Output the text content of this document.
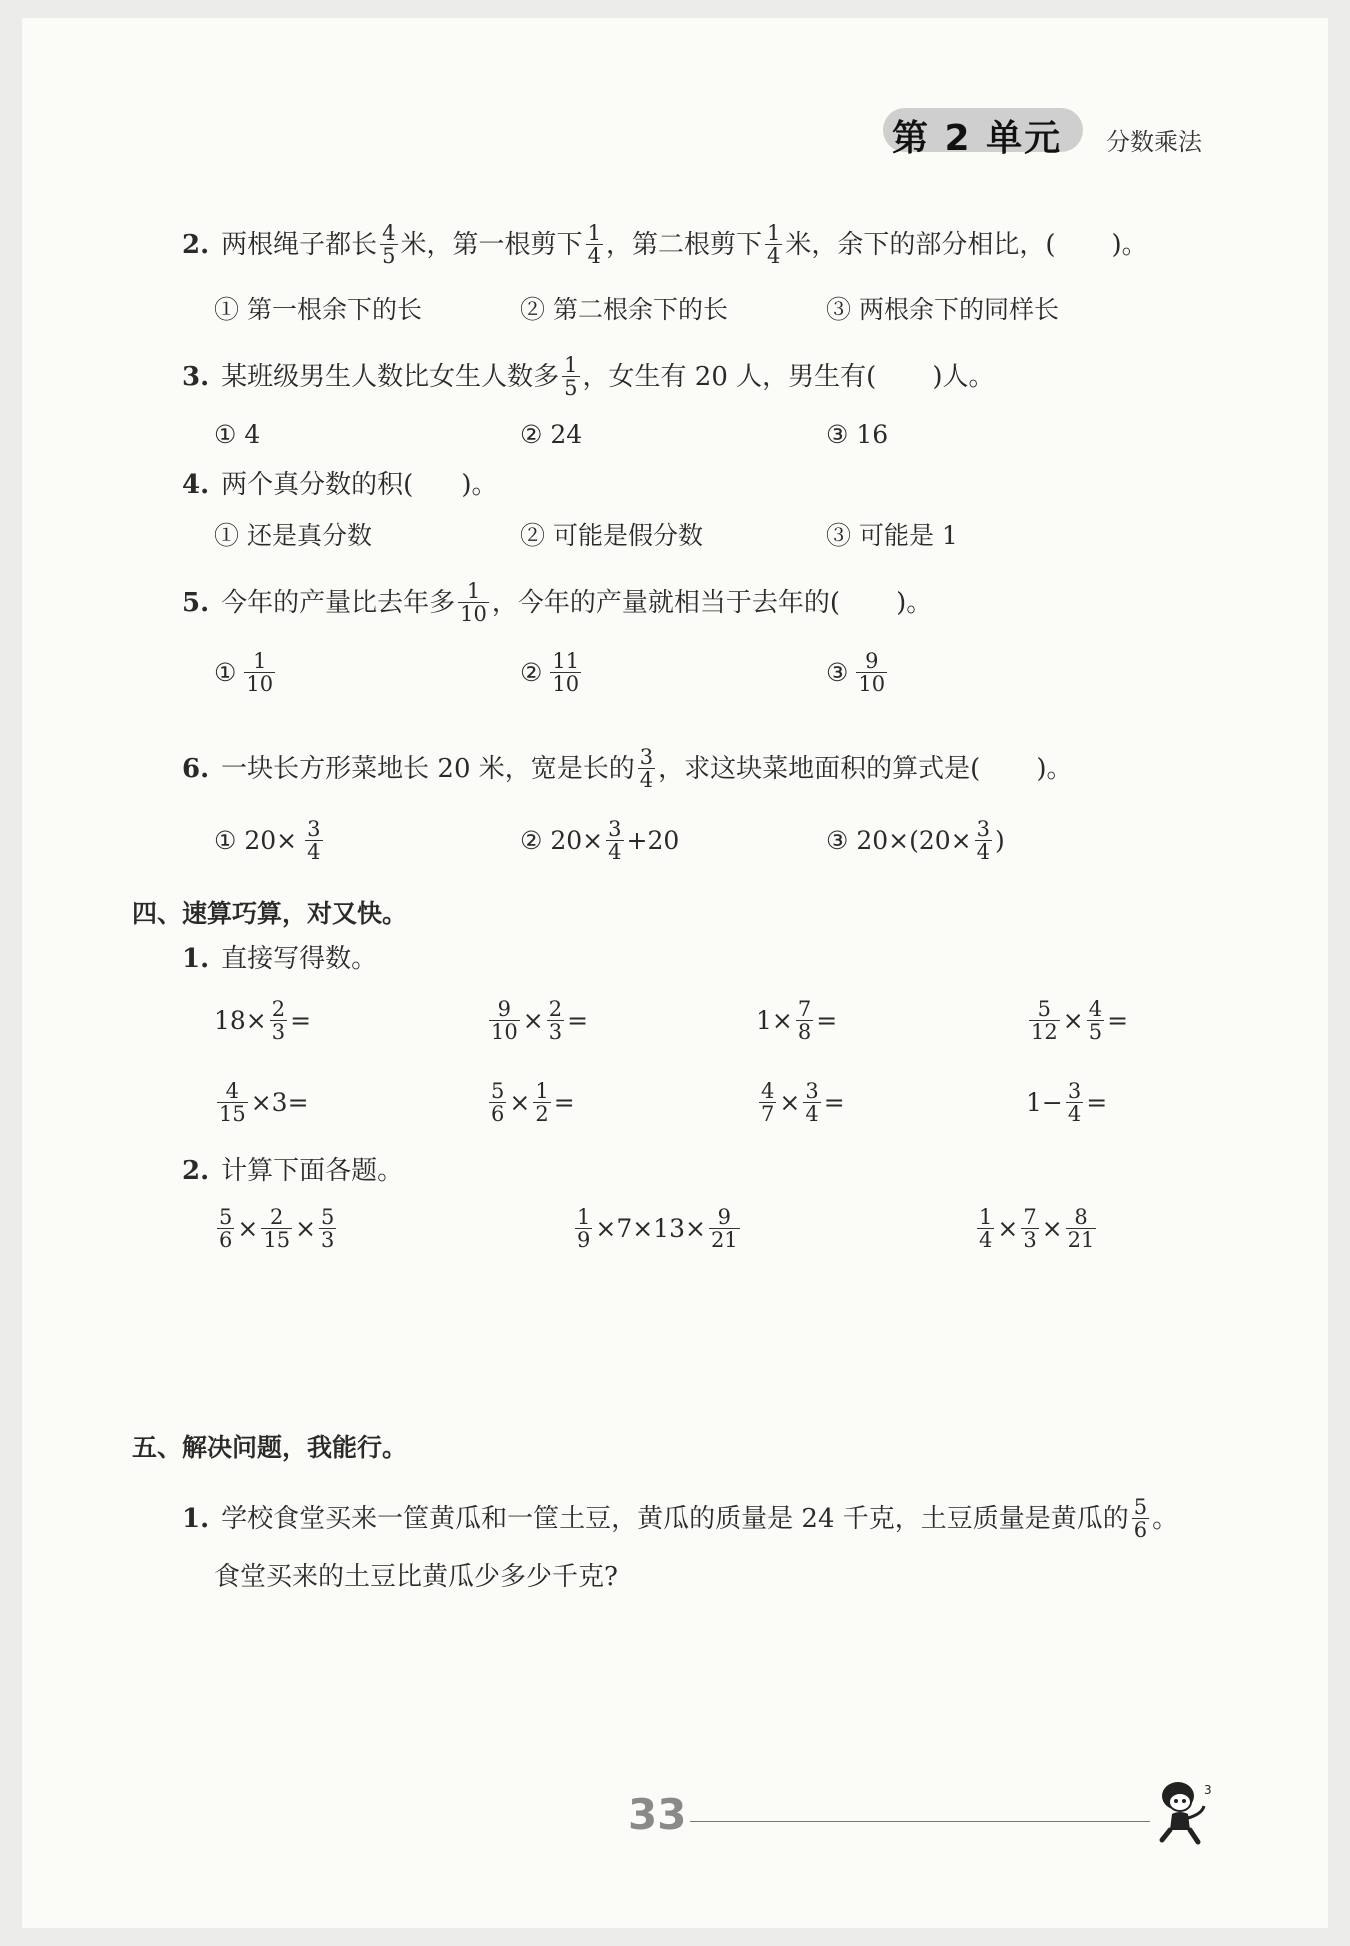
第 2 单元 分数乘法
2. 两根绳子都长 $\frac{4}{5}$ 米，第一根剪下 $\frac{1}{4}$ ，第二根剪下 $\frac{1}{4}$ 米，余下的部分相比，( )。
① 第一根余下的长	② 第二根余下的长	③ 两根余下的同样长
3. 某班级男生人数比女生人数多 $\frac{1}{5}$ ，女生有 20 人，男生有( )人。
① 4	② 24	③ 16
4. 两个真分数的积( )。
① 还是真分数	② 可能是假分数	③ 可能是 1
5. 今年的产量比去年多 $\frac{1}{10}$ ，今年的产量就相当于去年的( )。
① $\frac{1}{10}$	② $\frac{11}{10}$	③ $\frac{9}{10}$
6. 一块长方形菜地长 20 米，宽是长的 $\frac{3}{4}$ ，求这块菜地面积的算式是( )。
① $20\times \frac{3}{4}$	② $20\times \frac{3}{4} +20$	③ $20\times(20\times \frac{3}{4}$ )
四、速算巧算，对又快。
1. 直接写得数。
$18\times \frac{2}{3}$ =	$\frac{9}{10} \times \frac{2}{3}$ =	$1\times \frac{7}{8}$ =	$\frac{5}{12} \times \frac{4}{5}$ =
$\frac{4}{15} \times 3=$	$\frac{5}{6} \times \frac{1}{2}$ =	$\frac{4}{7} \times \frac{3}{4}$ =	$1- \frac{3}{4}$ =
2. 计算下面各题。
$\frac{5}{6} \times \frac{2}{15} \times \frac{5}{3}$	$\frac{1}{9} \times 7\times 13\times \frac{9}{21}$	$\frac{1}{4} \times \frac{7}{3} \times \frac{8}{21}$
五、解决问题，我能行。
1. 学校食堂买来一筐黄瓜和一筐土豆，黄瓜的质量是 24 千克，土豆质量是黄瓜的 $\frac{5}{6}$ 。
食堂买来的土豆比黄瓜少多少千克?
33	3
